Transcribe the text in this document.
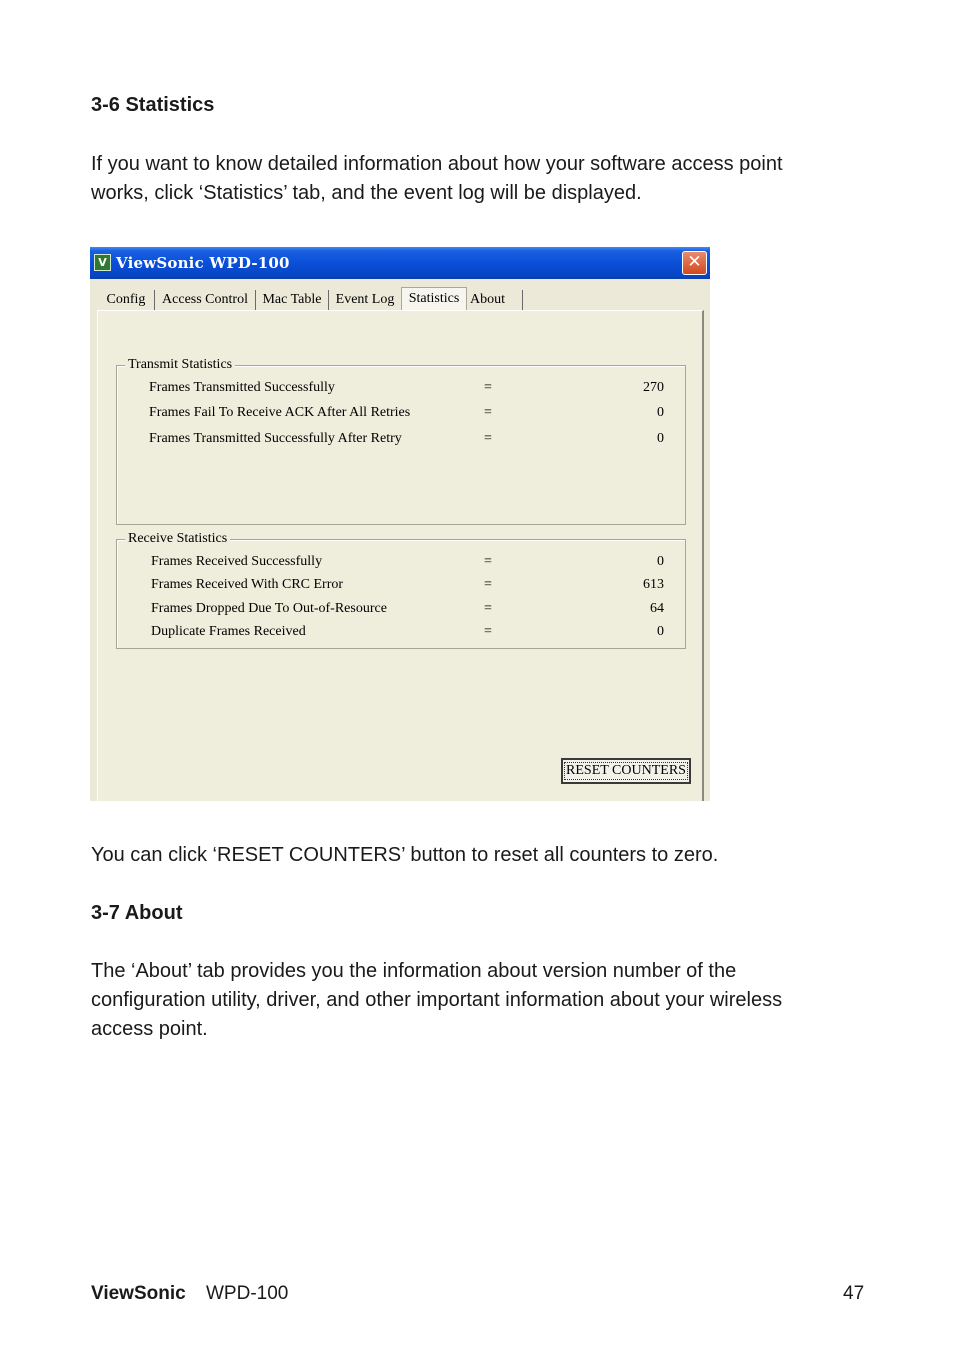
3-6 Statistics

If you want to know detailed information about how your software access point
works, click ‘Statistics’ tab, and the event log will be displayed.

V ViewSonic WPD-100	✕
Config	Access Control	Mac Table	Event Log	Statistics About
Transmit Statistics
Frames Transmitted Successfully	=	270
Frames Fail To Receive ACK After All Retries	=	0
Frames Transmitted Successfully After Retry	=	0
Receive Statistics
Frames Received Successfully	=	0
Frames Received With CRC Error	=	613
Frames Dropped Due To Out-of-Resource	=	64
Duplicate Frames Received	=	0
RESET COUNTERS

You can click ‘RESET COUNTERS’ button to reset all counters to zero.

3-7 About

The ‘About’ tab provides you the information about version number of the
configuration utility, driver, and other important information about your wireless
access point.

ViewSonic WPD-100	47
